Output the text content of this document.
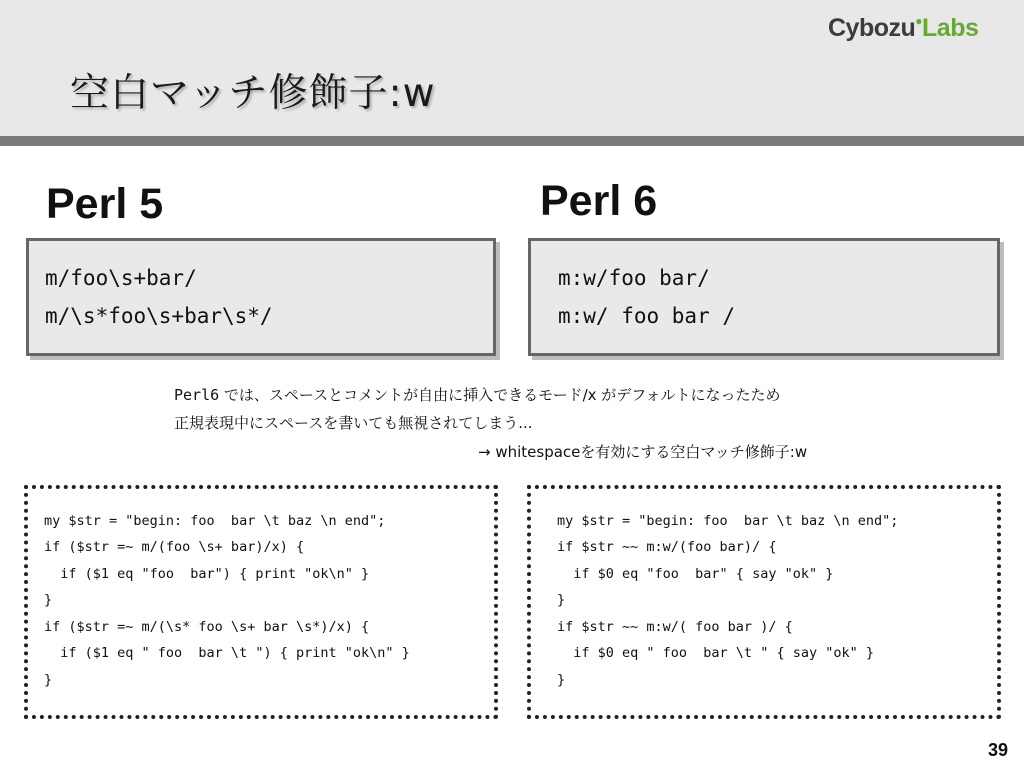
空白マッチ修飾子:w
Cybozu●Labs
Perl 5	Perl 6
m/foo\s+bar/
m/\s*foo\s+bar\s*/
m:w/foo bar/
m:w/ foo bar /
Perl6 では、スペースとコメントが自由に挿入できるモード/x がデフォルトになったため
正規表現中にスペースを書いても無視されてしまう...
→ whitespaceを有効にする空白マッチ修飾子:w
my $str = "begin: foo  bar \t baz \n end";
if ($str =~ m/(foo \s+ bar)/x) {
if ($1 eq "foo  bar") { print "ok\n" }
}
if ($str =~ m/(\s* foo \s+ bar \s*)/x) {
if ($1 eq " foo  bar \t ") { print "ok\n" }
}
my $str = "begin: foo  bar \t baz \n end";
if $str ~~ m:w/(foo bar)/ {
if $0 eq "foo  bar" { say "ok" }
}
if $str ~~ m:w/( foo bar )/ {
if $0 eq " foo  bar \t " { say "ok" }
}
39
